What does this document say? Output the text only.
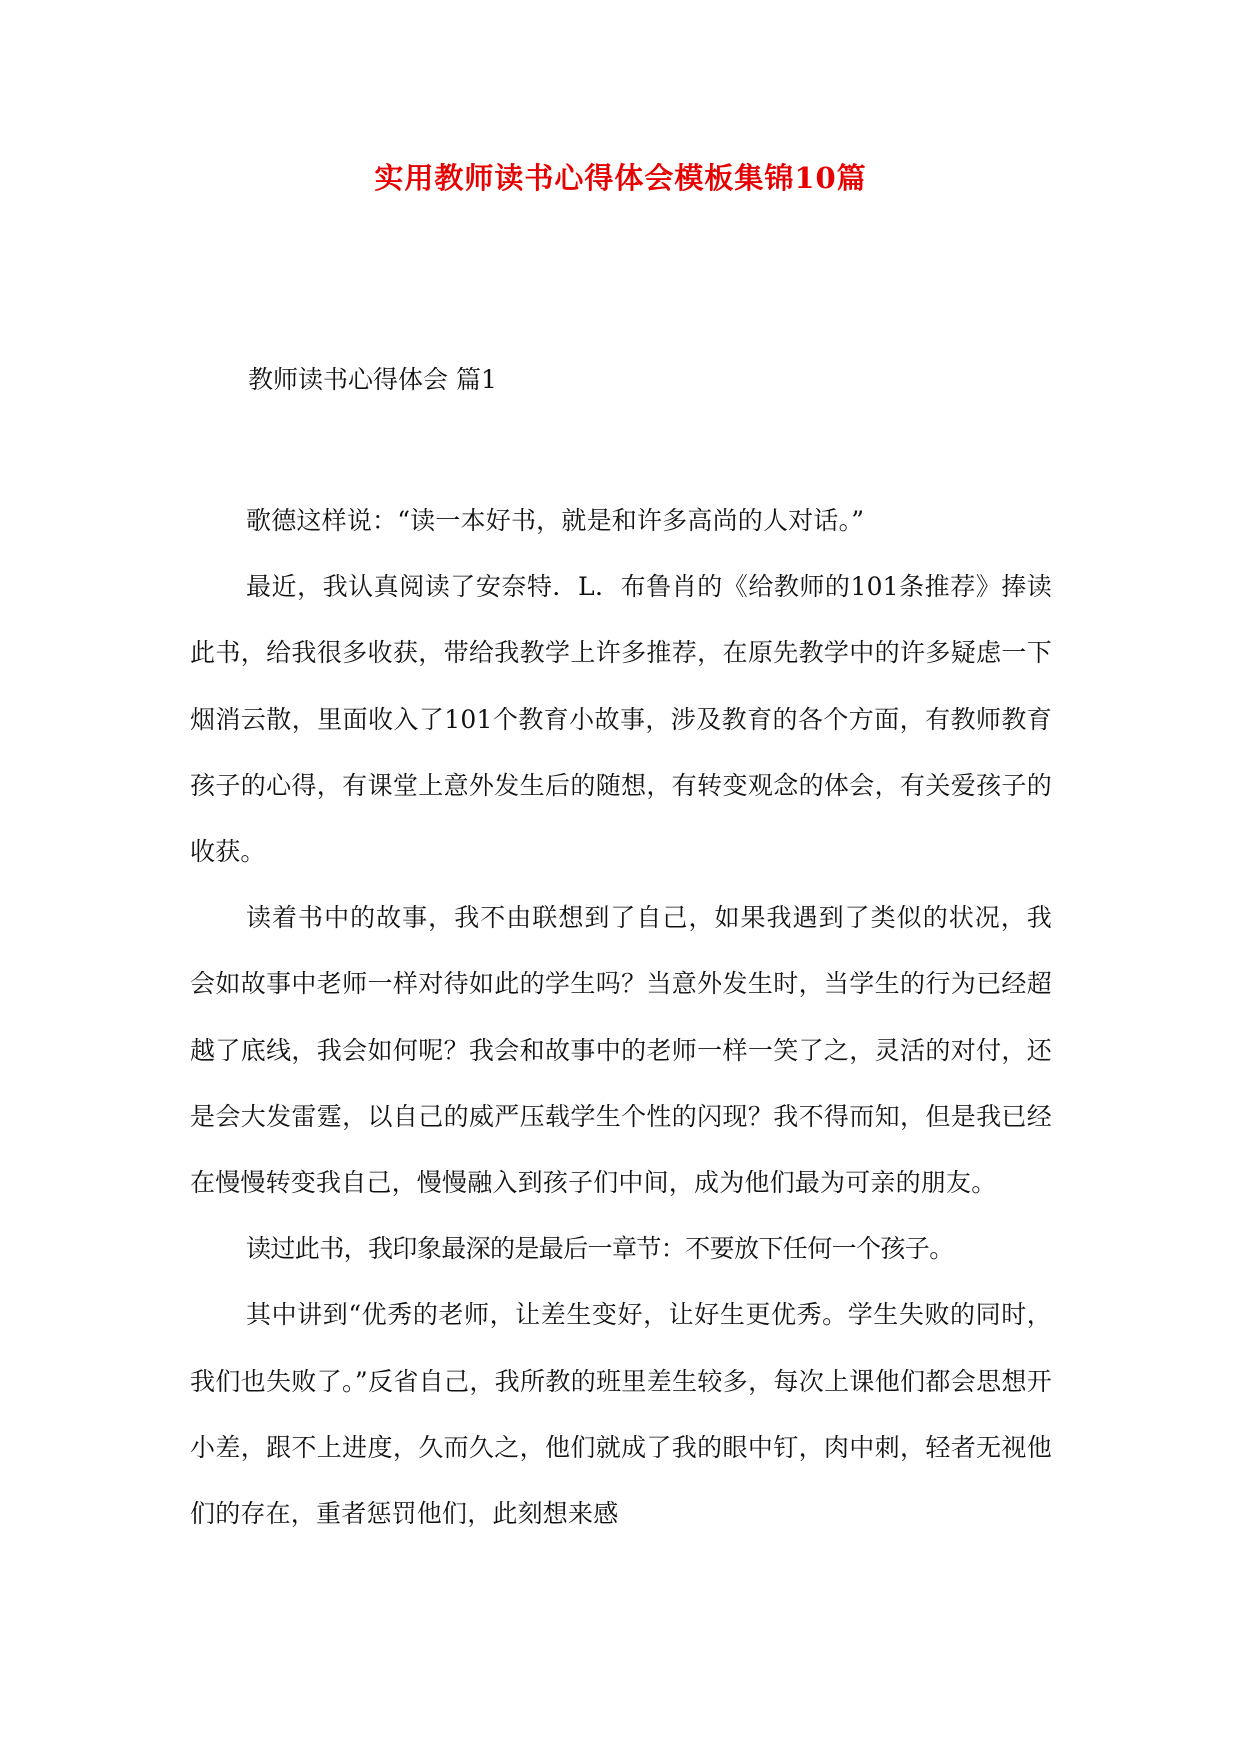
实用教师读书心得体会模板集锦10篇
教师读书心得体会 篇1

歌德这样说：“读一本好书，就是和许多高尚的人对话。”

最近，我认真阅读了安奈特．L．布鲁肖的《给教师的101条推荐》捧读此书，给我很多收获，带给我教学上许多推荐，在原先教学中的许多疑虑一下烟消云散，里面收入了101个教育小故事，涉及教育的各个方面，有教师教育孩子的心得，有课堂上意外发生后的随想，有转变观念的体会，有关爱孩子的收获。

读着书中的故事，我不由联想到了自己，如果我遇到了类似的状况，我会如故事中老师一样对待如此的学生吗？当意外发生时，当学生的行为已经超越了底线，我会如何呢？我会和故事中的老师一样一笑了之，灵活的对付，还是会大发雷霆，以自己的威严压载学生个性的闪现？我不得而知，但是我已经在慢慢转变我自己，慢慢融入到孩子们中间，成为他们最为可亲的朋友。

读过此书，我印象最深的是最后一章节：不要放下任何一个孩子。

其中讲到“优秀的老师，让差生变好，让好生更优秀。学生失败的同时，我们也失败了。”反省自己，我所教的班里差生较多，每次上课他们都会思想开小差，跟不上进度，久而久之，他们就成了我的眼中钉，肉中刺，轻者无视他们的存在，重者惩罚他们，此刻想来感
